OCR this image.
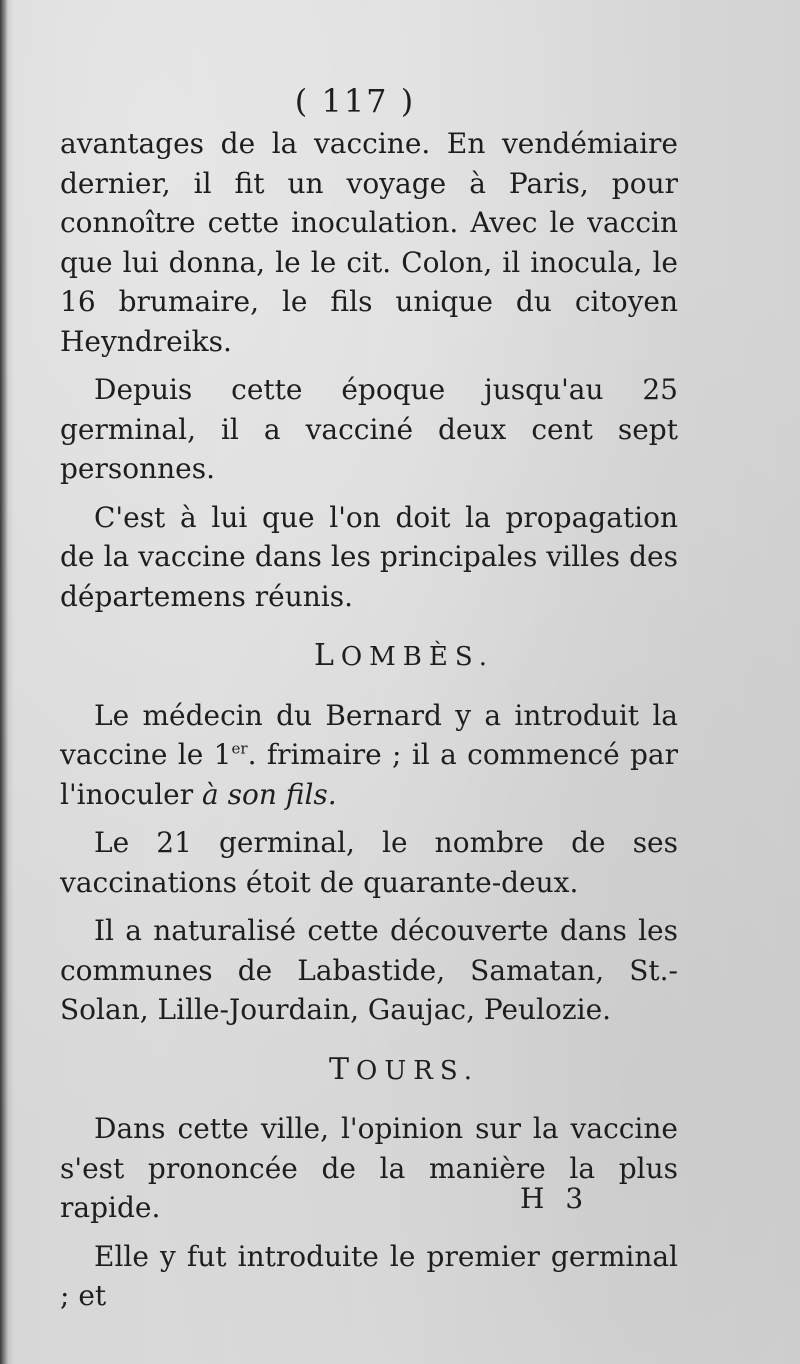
( 117 )

avantages de la vaccine. En vendémiaire dernier, il fit un voyage à Paris, pour connoître cette inoculation. Avec le vaccin que lui donna, le le cit. Colon, il inocula, le 16 brumaire, le fils unique du citoyen Heyndreiks.

Depuis cette époque jusqu'au 25 germinal, il a vacciné deux cent sept personnes.

C'est à lui que l'on doit la propagation de la vaccine dans les principales villes des départemens réunis.

LOMBÈS.

Le médecin du Bernard y a introduit la vaccine le 1er. frimaire ; il a commencé par l'inoculer à son fils.

Le 21 germinal, le nombre de ses vaccinations étoit de quarante-deux.

Il a naturalisé cette découverte dans les communes de Labastide, Samatan, St.-Solan, Lille-Jourdain, Gaujac, Peulozie.

TOURS.

Dans cette ville, l'opinion sur la vaccine s'est prononcée de la manière la plus rapide.

Elle y fut introduite le premier germinal ; et

H 3
